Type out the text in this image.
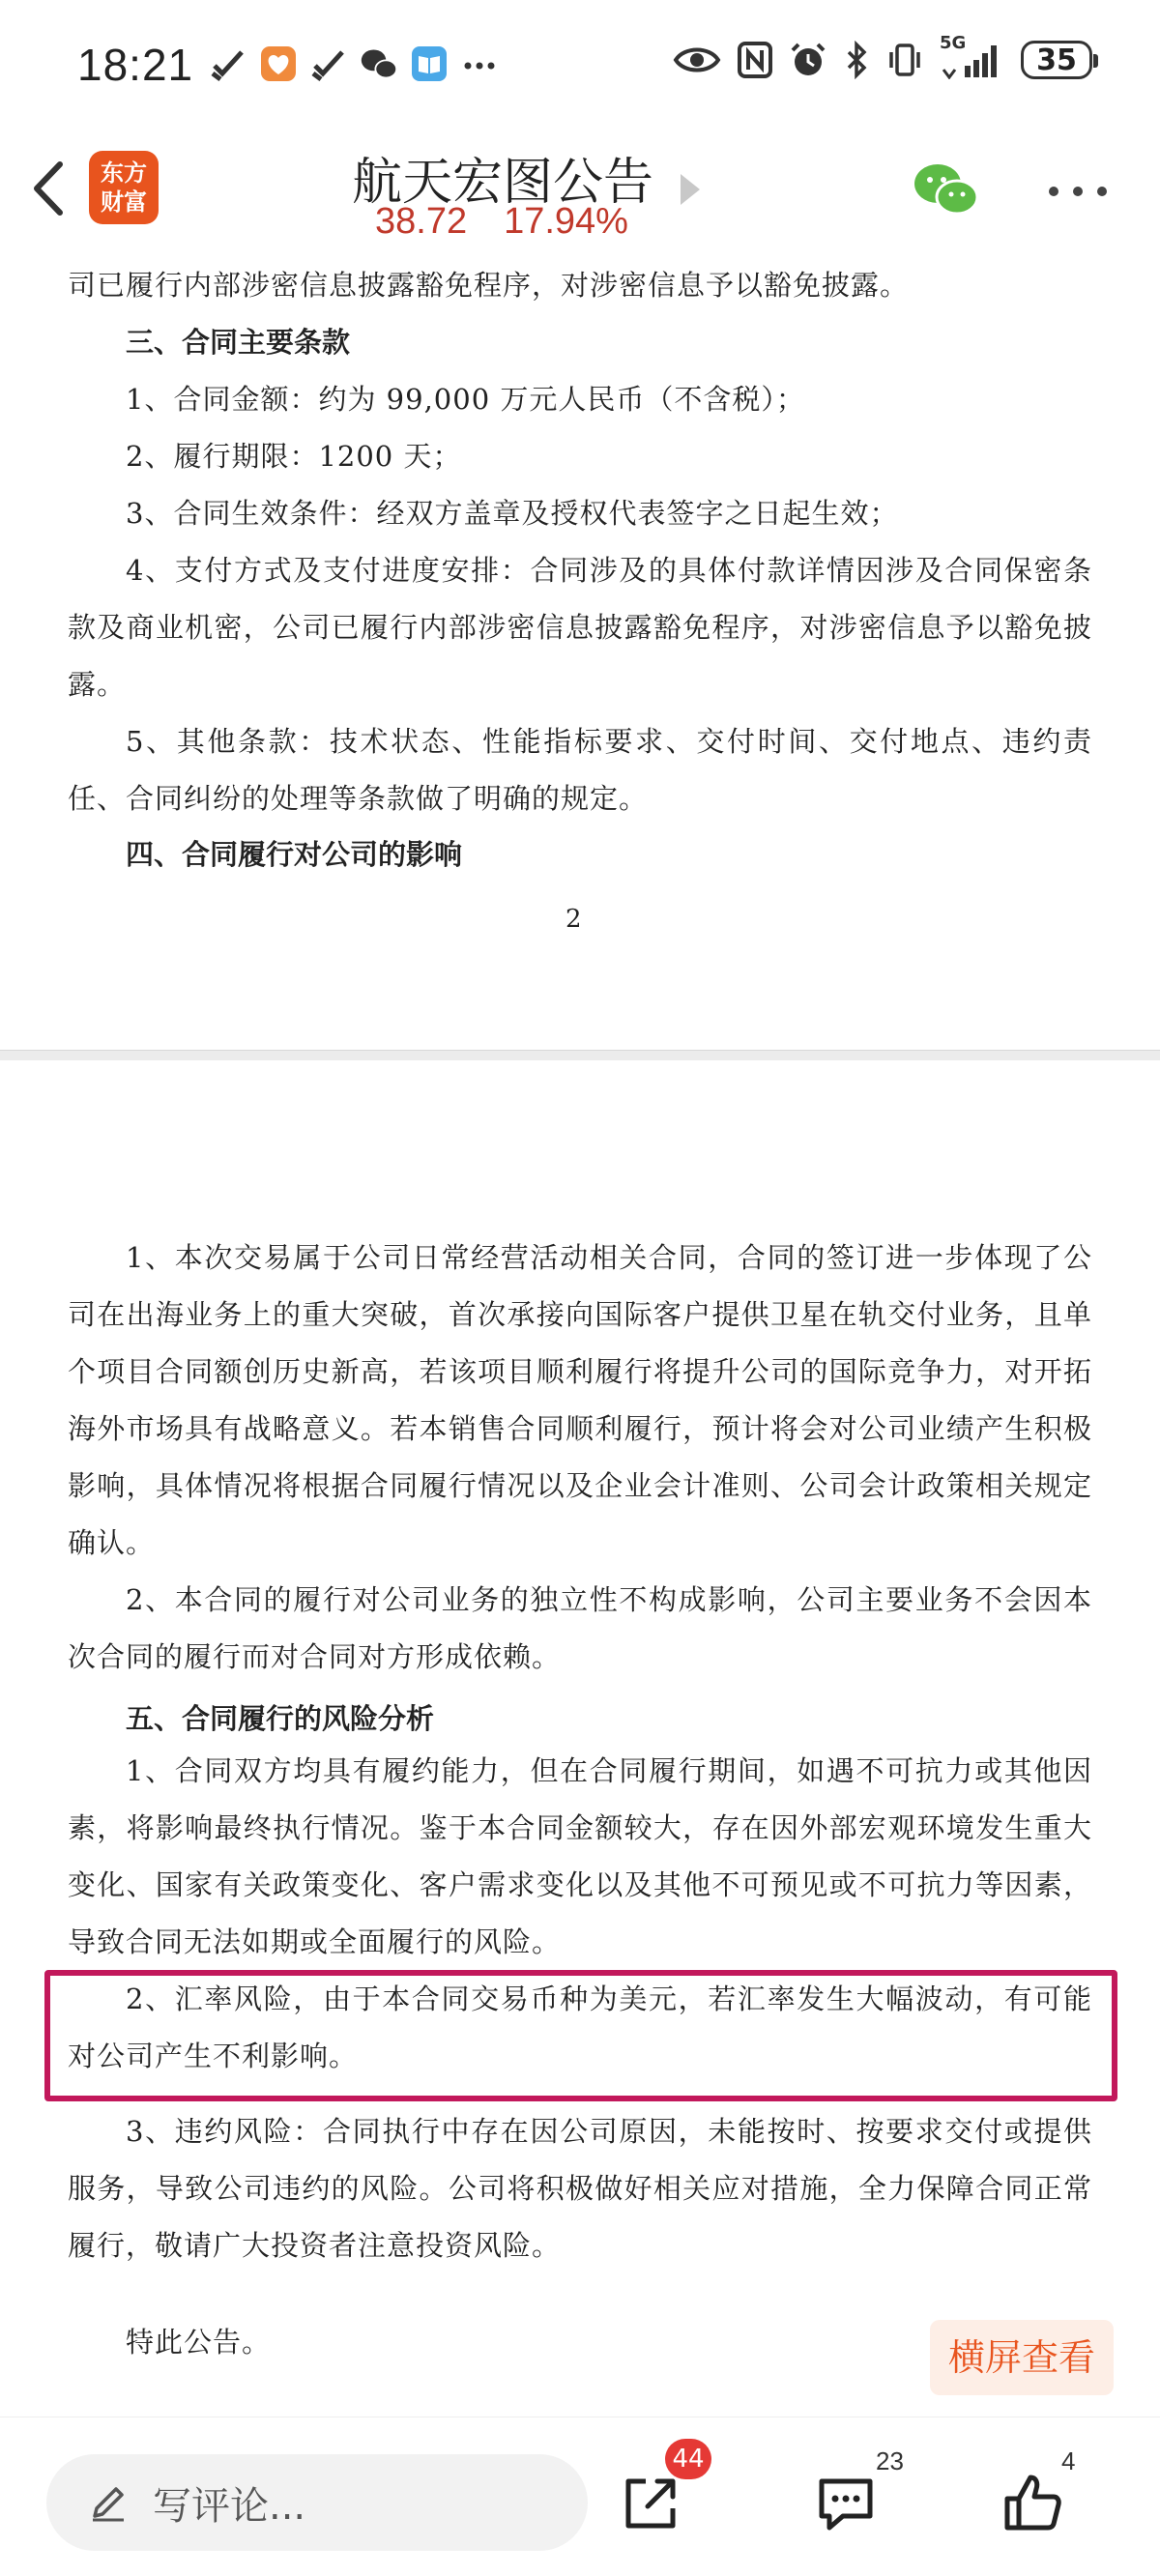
18:21	5G	35
东方
财富	航天宏图公告
38.72 17.94%

司已履行内部涉密信息披露豁免程序，对涉密信息予以豁免披露。

三、合同主要条款

1、合同金额：约为 99,000 万元人民币（不含税）；

2、履行期限：1200 天；

3、合同生效条件：经双方盖章及授权代表签字之日起生效；

4、支付方式及支付进度安排：合同涉及的具体付款详情因涉及合同保密条款及商业机密，公司已履行内部涉密信息披露豁免程序，对涉密信息予以豁免披露。

5、其他条款：技术状态、性能指标要求、交付时间、交付地点、违约责任、合同纠纷的处理等条款做了明确的规定。

四、合同履行对公司的影响
2

1、本次交易属于公司日常经营活动相关合同，合同的签订进一步体现了公司在出海业务上的重大突破，首次承接向国际客户提供卫星在轨交付业务，且单个项目合同额创历史新高，若该项目顺利履行将提升公司的国际竞争力，对开拓海外市场具有战略意义。若本销售合同顺利履行，预计将会对公司业绩产生积极影响，具体情况将根据合同履行情况以及企业会计准则、公司会计政策相关规定确认。

2、本合同的履行对公司业务的独立性不构成影响，公司主要业务不会因本次合同的履行而对合同对方形成依赖。

五、合同履行的风险分析

1、合同双方均具有履约能力，但在合同履行期间，如遇不可抗力或其他因素，将影响最终执行情况。鉴于本合同金额较大，存在因外部宏观环境发生重大变化、国家有关政策变化、客户需求变化以及其他不可预见或不可抗力等因素，导致合同无法如期或全面履行的风险。

2、汇率风险，由于本合同交易币种为美元，若汇率发生大幅波动，有可能对公司产生不利影响。

3、违约风险：合同执行中存在因公司原因，未能按时、按要求交付或提供服务，导致公司违约的风险。公司将积极做好相关应对措施，全力保障合同正常履行，敬请广大投资者注意投资风险。

特此公告。	横屏查看
写评论...
44	23	4
